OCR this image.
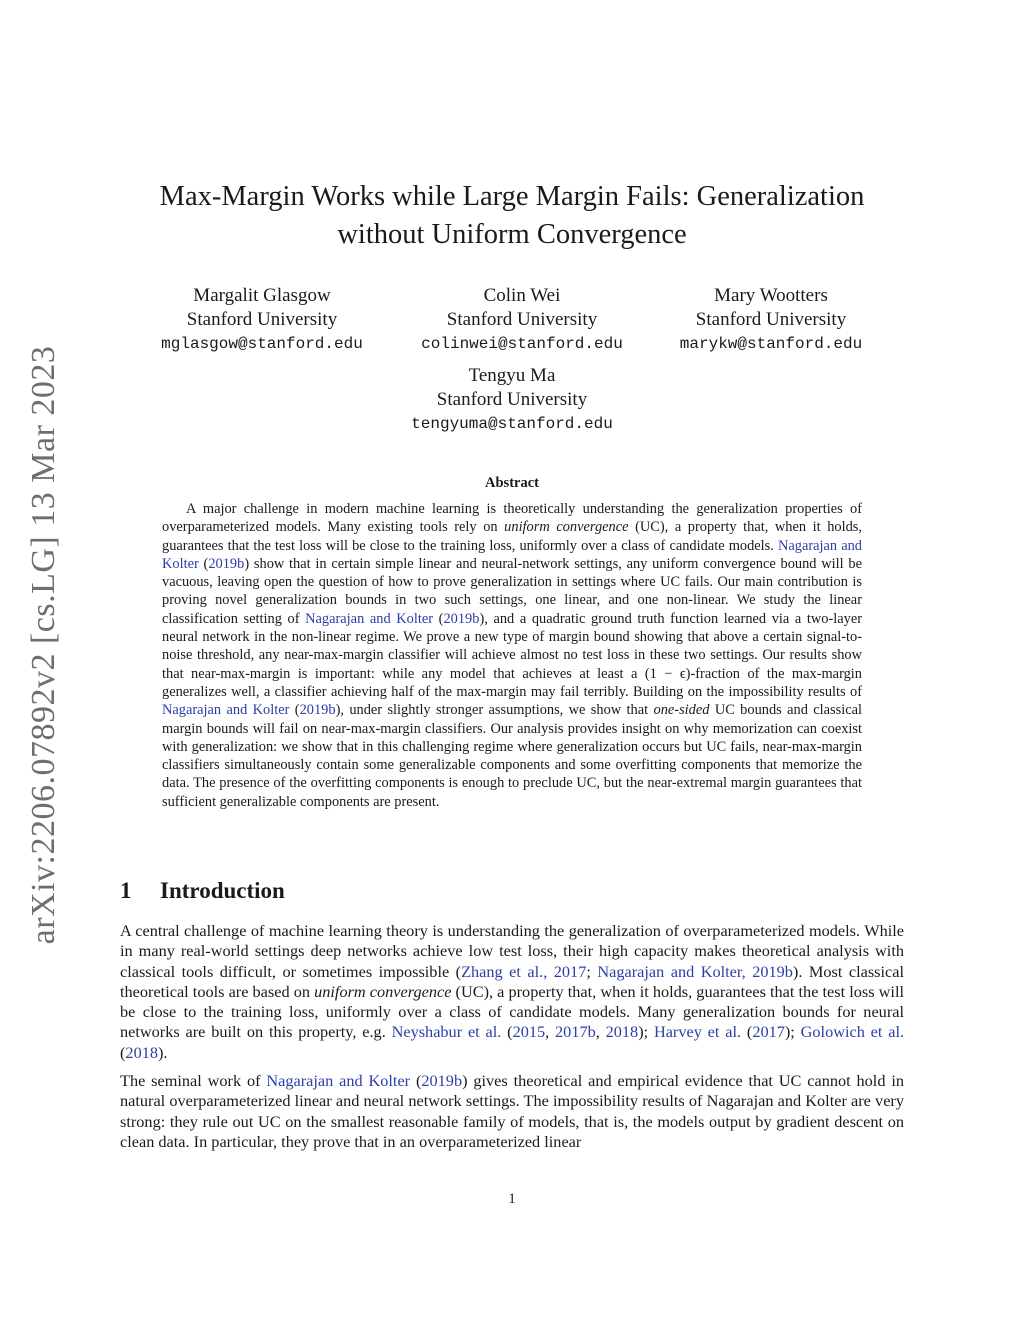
arXiv:2206.07892v2 [cs.LG] 13 Mar 2023
Max-Margin Works while Large Margin Fails: Generalization
without Uniform Convergence
Margalit Glasgow
Stanford University
mglasgow@stanford.edu
Colin Wei
Stanford University
colinwei@stanford.edu
Mary Wootters
Stanford University
marykw@stanford.edu
Tengyu Ma
Stanford University
tengyuma@stanford.edu
Abstract

A major challenge in modern machine learning is theoretically understanding the generalization properties of overparameterized models. Many existing tools rely on uniform convergence (UC), a property that, when it holds, guarantees that the test loss will be close to the training loss, uniformly over a class of candidate models. Nagarajan and Kolter (2019b) show that in certain simple linear and neural-network settings, any uniform convergence bound will be vacuous, leaving open the question of how to prove generalization in settings where UC fails. Our main contribution is proving novel generalization bounds in two such settings, one linear, and one non-linear. We study the linear classification setting of Nagarajan and Kolter (2019b), and a quadratic ground truth function learned via a two-layer neural network in the non-linear regime. We prove a new type of margin bound showing that above a certain signal-to-noise threshold, any near-max-margin classifier will achieve almost no test loss in these two settings. Our results show that near-max-margin is important: while any model that achieves at least a (1 − ϵ)-fraction of the max-margin generalizes well, a classifier achieving half of the max-margin may fail terribly. Building on the impossibility results of Nagarajan and Kolter (2019b), under slightly stronger assumptions, we show that one-sided UC bounds and classical margin bounds will fail on near-max-margin classifiers. Our analysis provides insight on why memorization can coexist with generalization: we show that in this challenging regime where generalization occurs but UC fails, near-max-margin classifiers simultaneously contain some generalizable components and some overfitting components that memorize the data. The presence of the overfitting components is enough to preclude UC, but the near-extremal margin guarantees that sufficient generalizable components are present.

1 Introduction

A central challenge of machine learning theory is understanding the generalization of overparameterized models. While in many real-world settings deep networks achieve low test loss, their high capacity makes theoretical analysis with classical tools difficult, or sometimes impossible (Zhang et al., 2017; Nagarajan and Kolter, 2019b). Most classical theoretical tools are based on uniform convergence (UC), a property that, when it holds, guarantees that the test loss will be close to the training loss, uniformly over a class of candidate models. Many generalization bounds for neural networks are built on this property, e.g. Neyshabur et al. (2015, 2017b, 2018); Harvey et al. (2017); Golowich et al. (2018).

The seminal work of Nagarajan and Kolter (2019b) gives theoretical and empirical evidence that UC cannot hold in natural overparameterized linear and neural network settings. The impossibility results of Nagarajan and Kolter are very strong: they rule out UC on the smallest reasonable family of models, that is, the models output by gradient descent on clean data. In particular, they prove that in an overparameterized linear

1
